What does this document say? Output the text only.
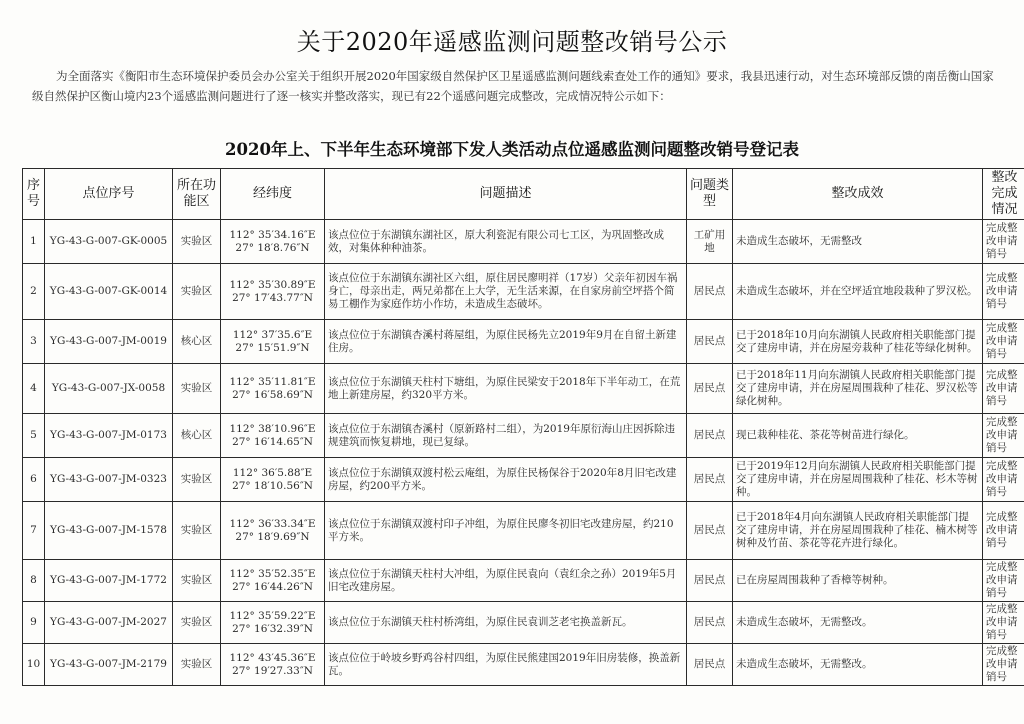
关于2020年遥感监测问题整改销号公示
为全面落实《衡阳市生态环境保护委员会办公室关于组织开展2020年国家级自然保护区卫星遥感监测问题线索查处工作的通知》要求，我县迅速行动，对生态环境部反馈的南岳衡山国家级自然保护区衡山境内23个遥感监测问题进行了逐一核实并整改落实，现已有22个遥感问题完成整改，完成情况特公示如下：
2020年上、下半年生态环境部下发人类活动点位遥感监测问题整改销号登记表
序号	点位序号	所在功能区	经纬度	问题描述	问题类型	整改成效	整改完成情况
1	YG-43-G-007-GK-0005	实验区	112° 35′34.16″E 27° 18′8.76″N	该点位位于东湖镇东湖社区，原大利瓷泥有限公司七工区，为巩固整改成效，对集体种种油茶。	工矿用地	未造成生态破坏，无需整改	完成整改申请销号
2	YG-43-G-007-GK-0014	实验区	112° 35′30.89″E 27° 17′43.77″N	该点位位于东湖镇东湖社区六组，原住居民廖明祥（17岁）父亲年初因车祸身亡，母亲出走，两兄弟都在上大学，无生活来源，在自家房前空坪搭个简易工棚作为家庭作坊小作坊，未造成生态破坏。	居民点	未造成生态破坏，并在空坪适宜地段栽种了罗汉松。	完成整改申请销号
3	YG-43-G-007-JM-0019	核心区	112° 37′35.6″E 27° 15′51.9″N	该点位位于东湖镇杏溪村蒋屋组，为原住民杨先立2019年9月在自留土新建住房。	居民点	已于2018年10月向东湖镇人民政府相关职能部门提交了建房申请，并在房屋旁栽种了桂花等绿化树种。	完成整改申请销号
4	YG-43-G-007-JX-0058	实验区	112° 35′11.81″E 27° 16′58.69″N	该点位位于东湖镇天柱村下塘组，为原住民梁安于2018年下半年动工，在荒地上新建房屋，约320平方米。	居民点	已于2018年11月向东湖镇人民政府相关职能部门提交了建房申请，并在房屋周围栽种了桂花、罗汉松等绿化树种。	完成整改申请销号
5	YG-43-G-007-JM-0173	核心区	112° 38′10.96″E 27° 16′14.65″N	该点位位于东湖镇杏溪村（原新路村二组），为2019年原衍海山庄因拆除违规建筑而恢复耕地，现已复绿。	居民点	现已栽种桂花、茶花等树苗进行绿化。	完成整改申请销号
6	YG-43-G-007-JM-0323	实验区	112° 36′5.88″E 27° 18′10.56″N	该点位位于东湖镇双渡村松云庵组，为原住民杨保谷于2020年8月旧宅改建房屋，约200平方米。	居民点	已于2019年12月向东湖镇人民政府相关职能部门提交了建房申请，并在房屋周围栽种了桂花、杉木等树种。	完成整改申请销号
7	YG-43-G-007-JM-1578	实验区	112° 36′33.34″E 27° 18′9.69″N	该点位位于东湖镇双渡村印子冲组，为原住民廖冬初旧宅改建房屋，约210平方米。	居民点	已于2018年4月向东湖镇人民政府相关职能部门提交了建房申请，并在房屋周围栽种了桂花、楠木树等树种及竹苗、茶花等花卉进行绿化。	完成整改申请销号
8	YG-43-G-007-JM-1772	实验区	112° 35′52.35″E 27° 16′44.26″N	该点位位于东湖镇天柱村大冲组，为原住民袁向（袁红余之孙）2019年5月旧宅改建房屋。	居民点	已在房屋周围栽种了香樟等树种。	完成整改申请销号
9	YG-43-G-007-JM-2027	实验区	112° 35′59.22″E 27° 16′32.39″N	该点位位于东湖镇天柱村桥湾组，为原住民袁训芝老宅换盖新瓦。	居民点	未造成生态破坏，无需整改。	完成整改申请销号
10	YG-43-G-007-JM-2179	实验区	112° 43′45.36″E 27° 19′27.33″N	该点位位于岭坡乡野鸡谷村四组，为原住民熊建国2019年旧房装修，换盖新瓦。	居民点	未造成生态破坏，无需整改。	完成整改申请销号
